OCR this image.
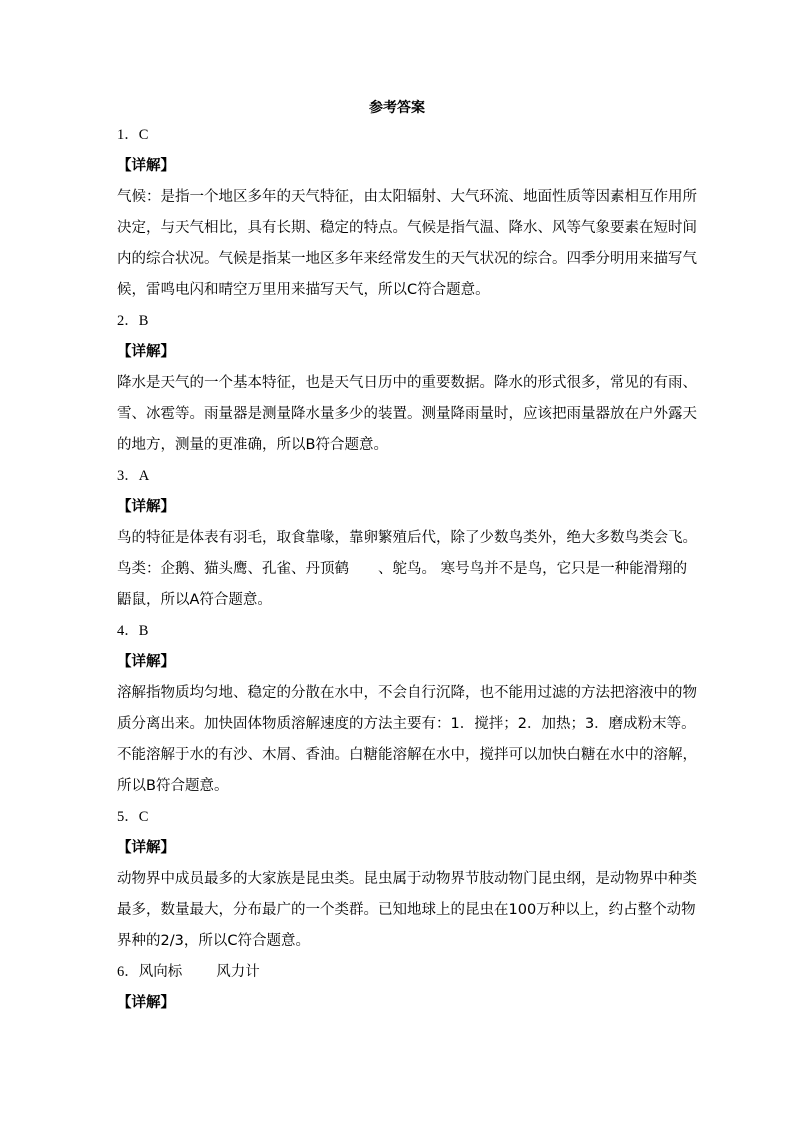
参考答案
1．C
【详解】
气候：是指一个地区多年的天气特征，由太阳辐射、大气环流、地面性质等因素相互作用所
决定，与天气相比，具有长期、稳定的特点。气候是指气温、降水、风等气象要素在短时间
内的综合状况。气候是指某一地区多年来经常发生的天气状况的综合。四季分明用来描写气
候，雷鸣电闪和晴空万里用来描写天气，所以C符合题意。
2．B
【详解】
降水是天气的一个基本特征，也是天气日历中的重要数据。降水的形式很多，常见的有雨、
雪、冰雹等。雨量器是测量降水量多少的装置。测量降雨量时，应该把雨量器放在户外露天
的地方，测量的更准确，所以B符合题意。
3．A
【详解】
鸟的特征是体表有羽毛，取食靠喙，靠卵繁殖后代，除了少数鸟类外，绝大多数鸟类会飞。
鸟类：企鹅、猫头鹰、孔雀、丹顶鹤　　、鸵鸟。 寒号鸟并不是鸟，它只是一种能滑翔的
鼯鼠，所以A符合题意。
4．B
【详解】
溶解指物质均匀地、稳定的分散在水中，不会自行沉降，也不能用过滤的方法把溶液中的物
质分离出来。加快固体物质溶解速度的方法主要有：1．搅拌；2．加热；3．磨成粉末等。
不能溶解于水的有沙、木屑、香油。白糖能溶解在水中，搅拌可以加快白糖在水中的溶解，
所以B符合题意。
5．C
【详解】
动物界中成员最多的大家族是昆虫类。昆虫属于动物界节肢动物门昆虫纲，是动物界中种类
最多，数量最大，分布最广的一个类群。已知地球上的昆虫在100万种以上，约占整个动物
界种的2/3，所以C符合题意。
6．风向标 风力计
【详解】
